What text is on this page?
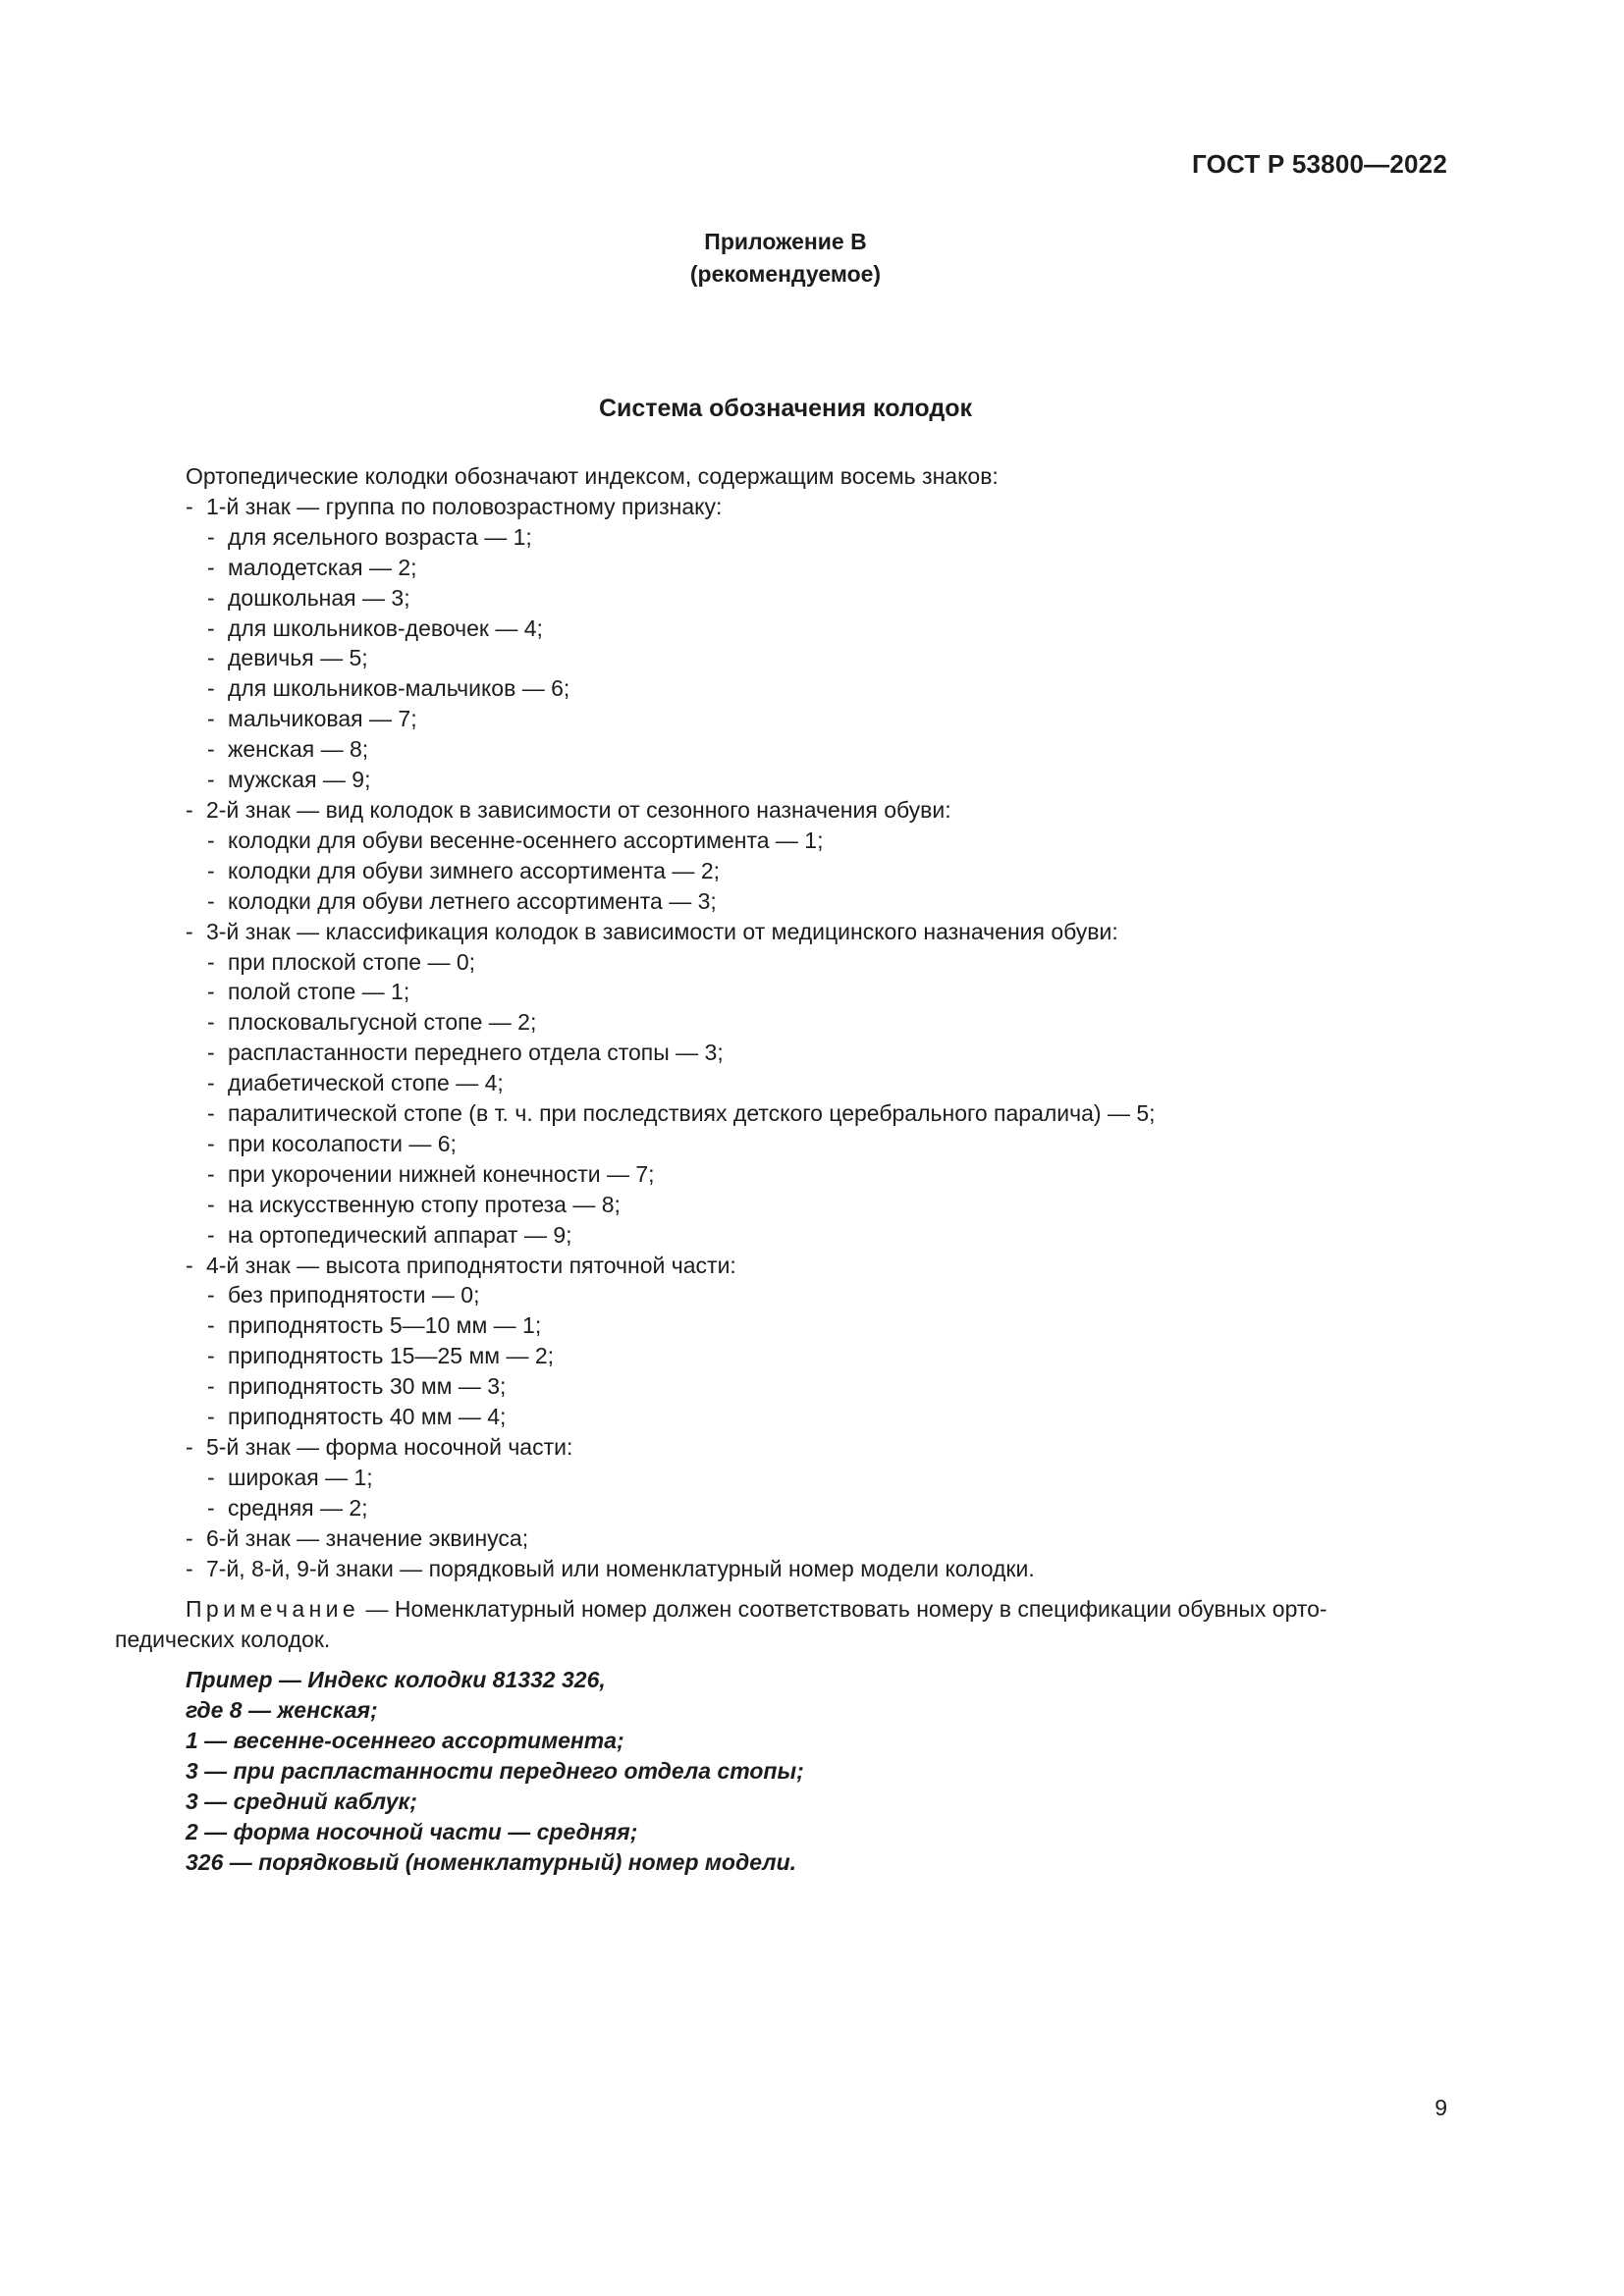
ГОСТ Р 53800—2022
Приложение В
(рекомендуемое)
Система обозначения колодок
Ортопедические колодки обозначают индексом, содержащим восемь знаков:
- 1-й знак — группа по половозрастному признаку:
- для ясельного возраста — 1;
- малодетская — 2;
- дошкольная — 3;
- для школьников-девочек — 4;
- девичья — 5;
- для школьников-мальчиков — 6;
- мальчиковая — 7;
- женская — 8;
- мужская — 9;
- 2-й знак — вид колодок в зависимости от сезонного назначения обуви:
- колодки для обуви весенне-осеннего ассортимента — 1;
- колодки для обуви зимнего ассортимента — 2;
- колодки для обуви летнего ассортимента — 3;
- 3-й знак — классификация колодок в зависимости от медицинского назначения обуви:
- при плоской стопе — 0;
- полой стопе — 1;
- плосковальгусной стопе — 2;
- распластанности переднего отдела стопы — 3;
- диабетической стопе — 4;
- паралитической стопе (в т. ч. при последствиях детского церебрального паралича) — 5;
- при косолапости — 6;
- при укорочении нижней конечности — 7;
- на искусственную стопу протеза — 8;
- на ортопедический аппарат — 9;
- 4-й знак — высота приподнятости пяточной части:
- без приподнятости — 0;
- приподнятость 5—10 мм — 1;
- приподнятость 15—25 мм — 2;
- приподнятость 30 мм — 3;
- приподнятость 40 мм — 4;
- 5-й знак — форма носочной части:
- широкая — 1;
- средняя — 2;
- 6-й знак — значение эквинуса;
- 7-й, 8-й, 9-й знаки — порядковый или номенклатурный номер модели колодки.
Примечание — Номенклатурный номер должен соответствовать номеру в спецификации обувных орто-
педических колодок.
Пример — Индекс колодки 81332 326,
где 8 — женская;
1 — весенне-осеннего ассортимента;
3 — при распластанности переднего отдела стопы;
3 — средний каблук;
2 — форма носочной части — средняя;
326 — порядковый (номенклатурный) номер модели.
9
